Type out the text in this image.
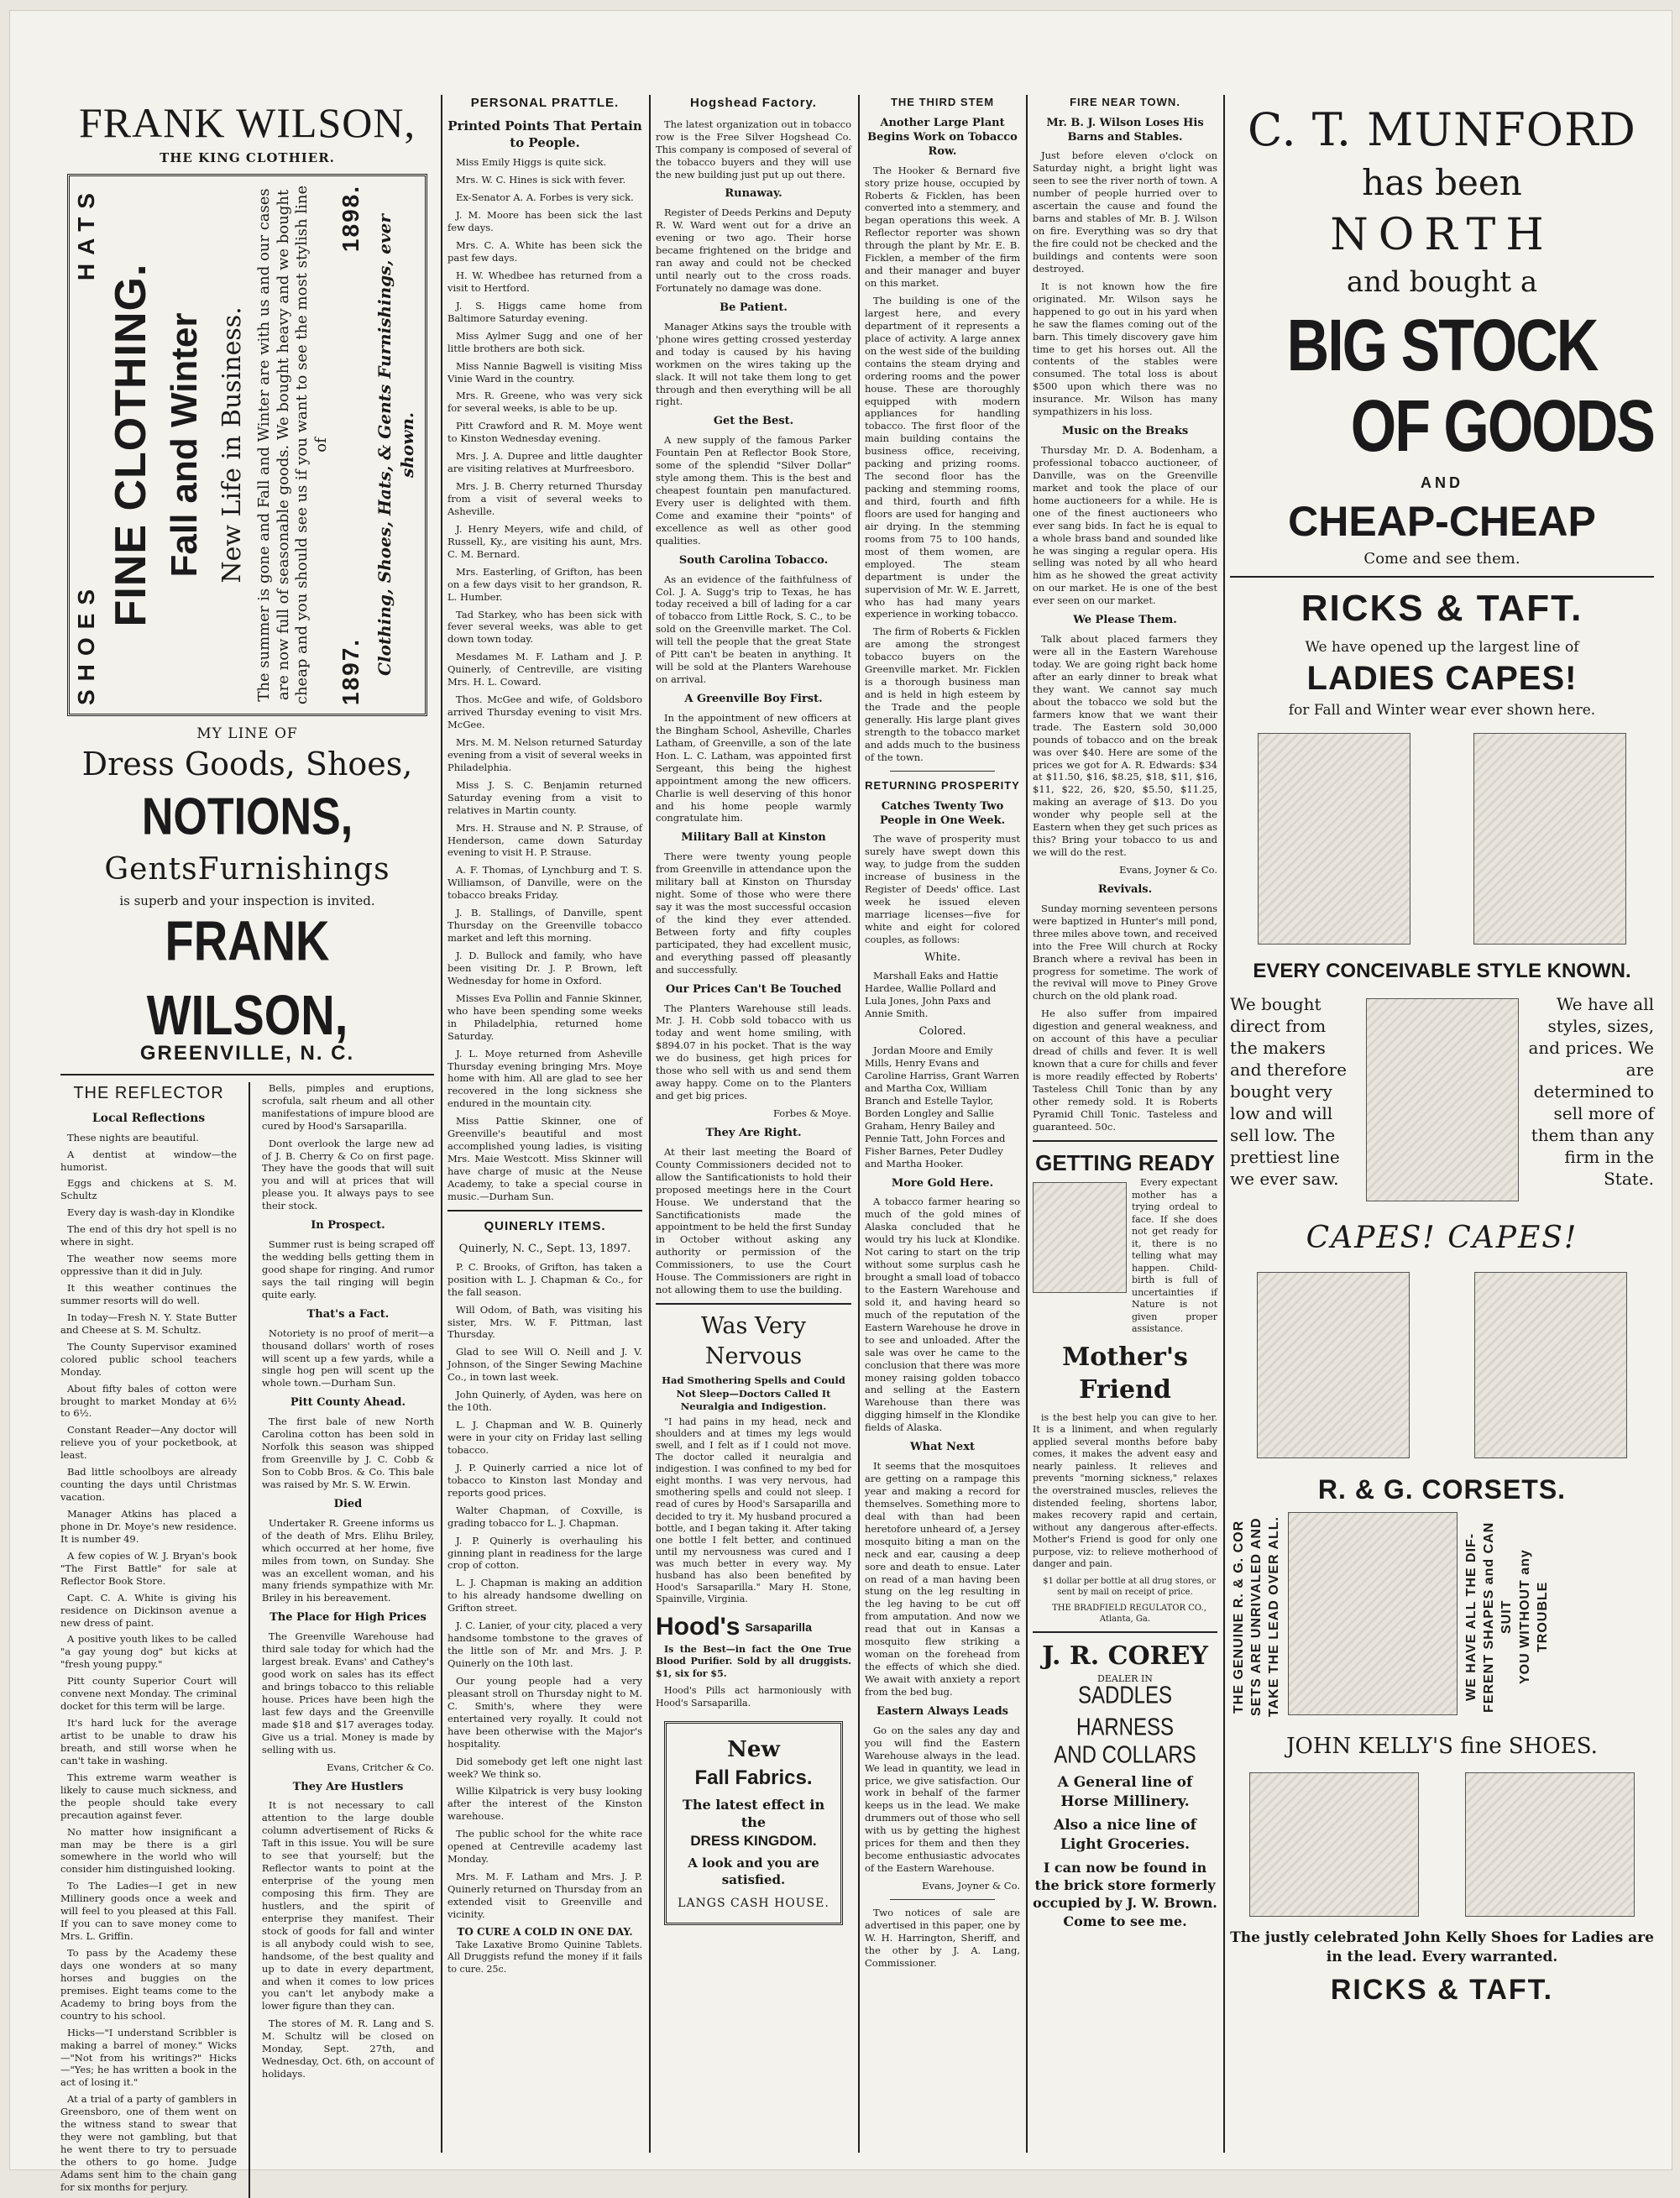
FRANK WILSON,
THE KING CLOTHIER.
SHOES
HATS
FINE CLOTHING. Fall and Winter New Life in Business. The summer is gone and Fall and Winter are with us and our cases are now full of seasonable goods. We bought heavy and we bought cheap and you should see us if you want to see the most stylish line of
1897.
1898. Clothing, Shoes, Hats, & Gents Furnishings, ever shown.
MY LINE OF
Dress Goods, Shoes,
NOTIONS,
GentsFurnishings
is superb and your inspection is invited.
FRANK WILSON,
GREENVILLE, N. C.
THE REFLECTOR
Local Reflections

These nights are beautiful.

A dentist at window—the humorist.

Eggs and chickens at S. M. Schultz

Every day is wash-day in Klondike

The end of this dry hot spell is no where in sight.

The weather now seems more oppressive than it did in July.

It this weather continues the summer resorts will do well.

In today—Fresh N. Y. State Butter and Cheese at S. M. Schultz.

The County Supervisor examined colored public school teachers Monday.

About fifty bales of cotton were brought to market Monday at 6½ to 6½.

Constant Reader—Any doctor will relieve you of your pocketbook, at least.

Bad little schoolboys are already counting the days until Christmas vacation.

Manager Atkins has placed a phone in Dr. Moye's new residence. It is number 49.

A few copies of W. J. Bryan's book "The First Battle" for sale at Reflector Book Store.

Capt. C. A. White is giving his residence on Dickinson avenue a new dress of paint.

A positive youth likes to be called "a gay young dog" but kicks at "fresh young puppy."

Pitt county Superior Court will convene next Monday. The criminal docket for this term will be large.

It's hard luck for the average artist to be unable to draw his breath, and still worse when he can't take in washing.

This extreme warm weather is likely to cause much sickness, and the people should take every precaution against fever.

No matter how insignificant a man may be there is a girl somewhere in the world who will consider him distinguished looking.

To The Ladies—I get in new Millinery goods once a week and will feel to you pleased at this Fall. If you can to save money come to Mrs. L. Griffin.

To pass by the Academy these days one wonders at so many horses and buggies on the premises. Eight teams come to the Academy to bring boys from the country to his school.

Hicks—"I understand Scribbler is making a barrel of money." Wicks—"Not from his writings?" Hicks—"Yes; he has written a book in the act of losing it."

At a trial of a party of gamblers in Greensboro, one of them went on the witness stand to swear that they were not gambling, but that he went there to try to persuade the others to go home. Judge Adams sent him to the chain gang for six months for perjury.

Bells, pimples and eruptions, scrofula, salt rheum and all other manifestations of impure blood are cured by Hood's Sarsaparilla.

Dont overlook the large new ad of J. B. Cherry & Co on first page. They have the goods that will suit you and will at prices that will please you. It always pays to see their stock.

In Prospect.

Summer rust is being scraped off the wedding bells getting them in good shape for ringing. And rumor says the tail ringing will begin quite early.

That's a Fact.

Notoriety is no proof of merit—a thousand dollars' worth of roses will scent up a few yards, while a single hog pen will scent up the whole town.—Durham Sun.

Pitt County Ahead.

The first bale of new North Carolina cotton has been sold in Norfolk this season was shipped from Greenville by J. C. Cobb & Son to Cobb Bros. & Co. This bale was raised by Mr. S. W. Erwin.

Died

Undertaker R. Greene informs us of the death of Mrs. Elihu Briley, which occurred at her home, five miles from town, on Sunday. She was an excellent woman, and his many friends sympathize with Mr. Briley in his bereavement.

The Place for High Prices

The Greenville Warehouse had third sale today for which had the largest break. Evans' and Cathey's good work on sales has its effect and brings tobacco to this reliable house. Prices have been high the last few days and the Greenville made $18 and $17 averages today. Give us a trial. Money is made by selling with us.

Evans, Critcher & Co.

They Are Hustlers

It is not necessary to call attention to the large double column advertisement of Ricks & Taft in this issue. You will be sure to see that yourself; but the Reflector wants to point at the enterprise of the young men composing this firm. They are hustlers, and the spirit of enterprise they manifest. Their stock of goods for fall and winter is all anybody could wish to see, handsome, of the best quality and up to date in every department, and when it comes to low prices you can't let anybody make a lower figure than they can.

The stores of M. R. Lang and S. M. Schultz will be closed on Monday, Sept. 27th, and Wednesday, Oct. 6th, on account of holidays.

PERSONAL PRATTLE.
Printed Points That Pertain to People.

Miss Emily Higgs is quite sick.

Mrs. W. C. Hines is sick with fever.

Ex-Senator A. A. Forbes is very sick.

J. M. Moore has been sick the last few days.

Mrs. C. A. White has been sick the past few days.

H. W. Whedbee has returned from a visit to Hertford.

J. S. Higgs came home from Baltimore Saturday evening.

Miss Aylmer Sugg and one of her little brothers are both sick.

Miss Nannie Bagwell is visiting Miss Vinie Ward in the country.

Mrs. R. Greene, who was very sick for several weeks, is able to be up.

Pitt Crawford and R. M. Moye went to Kinston Wednesday evening.

Mrs. J. A. Dupree and little daughter are visiting relatives at Murfreesboro.

Mrs. J. B. Cherry returned Thursday from a visit of several weeks to Asheville.

J. Henry Meyers, wife and child, of Russell, Ky., are visiting his aunt, Mrs. C. M. Bernard.

Mrs. Easterling, of Grifton, has been on a few days visit to her grandson, R. L. Humber.

Tad Starkey, who has been sick with fever several weeks, was able to get down town today.

Mesdames M. F. Latham and J. P. Quinerly, of Centreville, are visiting Mrs. H. L. Coward.

Thos. McGee and wife, of Goldsboro arrived Thursday evening to visit Mrs. McGee.

Mrs. M. M. Nelson returned Saturday evening from a visit of several weeks in Philadelphia.

Miss J. S. C. Benjamin returned Saturday evening from a visit to relatives in Martin county.

Mrs. H. Strause and N. P. Strause, of Henderson, came down Saturday evening to visit H. P. Strause.

A. F. Thomas, of Lynchburg and T. S. Williamson, of Danville, were on the tobacco breaks Friday.

J. B. Stallings, of Danville, spent Thursday on the Greenville tobacco market and left this morning.

J. D. Bullock and family, who have been visiting Dr. J. P. Brown, left Wednesday for home in Oxford.

Misses Eva Pollin and Fannie Skinner, who have been spending some weeks in Philadelphia, returned home Saturday.

J. L. Moye returned from Asheville Thursday evening bringing Mrs. Moye home with him. All are glad to see her recovered in the long sickness she endured in the mountain city.

Miss Pattie Skinner, one of Greenville's beautiful and most accomplished young ladies, is visiting Mrs. Maie Westcott. Miss Skinner will have charge of music at the Neuse Academy, to take a special course in music.—Durham Sun.

QUINERLY ITEMS.
Quinerly, N. C., Sept. 13, 1897.

P. C. Brooks, of Grifton, has taken a position with L. J. Chapman & Co., for the fall season.

Will Odom, of Bath, was visiting his sister, Mrs. W. F. Pittman, last Thursday.

Glad to see Will O. Neill and J. V. Johnson, of the Singer Sewing Machine Co., in town last week.

John Quinerly, of Ayden, was here on the 10th.

L. J. Chapman and W. B. Quinerly were in your city on Friday last selling tobacco.

J. P. Quinerly carried a nice lot of tobacco to Kinston last Monday and reports good prices.

Walter Chapman, of Coxville, is grading tobacco for L. J. Chapman.

J. P. Quinerly is overhauling his ginning plant in readiness for the large crop of cotton.

L. J. Chapman is making an addition to his already handsome dwelling on Grifton street.

J. C. Lanier, of your city, placed a very handsome tombstone to the graves of the little son of Mr. and Mrs. J. P. Quinerly on the 10th last.

Our young people had a very pleasant stroll on Thursday night to M. C. Smith's, where they were entertained very royally. It could not have been otherwise with the Major's hospitality.

Did somebody get left one night last week? We think so.

Willie Kilpatrick is very busy looking after the interest of the Kinston warehouse.

The public school for the white race opened at Centreville academy last Monday.

Mrs. M. F. Latham and Mrs. J. P. Quinerly returned on Thursday from an extended visit to Greenville and vicinity.

TO CURE A COLD IN ONE DAY.

Take Laxative Bromo Quinine Tablets. All Druggists refund the money if it fails to cure. 25c.

Hogshead Factory.

The latest organization out in tobacco row is the Free Silver Hogshead Co. This company is composed of several of the tobacco buyers and they will use the new building just put up out there.

Runaway.

Register of Deeds Perkins and Deputy R. W. Ward went out for a drive an evening or two ago. Their horse became frightened on the bridge and ran away and could not be checked until nearly out to the cross roads. Fortunately no damage was done.

Be Patient.

Manager Atkins says the trouble with 'phone wires getting crossed yesterday and today is caused by his having workmen on the wires taking up the slack. It will not take them long to get through and then everything will be all right.

Get the Best.

A new supply of the famous Parker Fountain Pen at Reflector Book Store, some of the splendid "Silver Dollar" style among them. This is the best and cheapest fountain pen manufactured. Every user is delighted with them. Come and examine their "points" of excellence as well as other good qualities.

South Carolina Tobacco.

As an evidence of the faithfulness of Col. J. A. Sugg's trip to Texas, he has today received a bill of lading for a car of tobacco from Little Rock, S. C., to be sold on the Greenville market. The Col. will tell the people that the great State of Pitt can't be beaten in anything. It will be sold at the Planters Warehouse on arrival.

A Greenville Boy First.

In the appointment of new officers at the Bingham School, Asheville, Charles Latham, of Greenville, a son of the late Hon. L. C. Latham, was appointed first Sergeant, this being the highest appointment among the new officers. Charlie is well deserving of this honor and his home people warmly congratulate him.

Military Ball at Kinston

There were twenty young people from Greenville in attendance upon the military ball at Kinston on Thursday night. Some of those who were there say it was the most successful occasion of the kind they ever attended. Between forty and fifty couples participated, they had excellent music, and everything passed off pleasantly and successfully.

Our Prices Can't Be Touched

The Planters Warehouse still leads. Mr. J. H. Cobb sold tobacco with us today and went home smiling, with $894.07 in his pocket. That is the way we do business, get high prices for those who sell with us and send them away happy. Come on to the Planters and get big prices.

Forbes & Moye.

They Are Right.

At their last meeting the Board of County Commissioners decided not to allow the Santificationists to hold their proposed meetings here in the Court House. We understand that the Sanctificationists made the appointment to be held the first Sunday in October without asking any authority or permission of the Commissioners, to use the Court House. The Commissioners are right in not allowing them to use the building.

Was Very Nervous
Had Smothering Spells and Could Not Sleep—Doctors Called It Neuralgia and Indigestion.

"I had pains in my head, neck and shoulders and at times my legs would swell, and I felt as if I could not move. The doctor called it neuralgia and indigestion. I was confined to my bed for eight months. I was very nervous, had smothering spells and could not sleep. I read of cures by Hood's Sarsaparilla and decided to try it. My husband procured a bottle, and I began taking it. After taking one bottle I felt better, and continued until my nervousness was cured and I was much better in every way. My husband has also been benefited by Hood's Sarsaparilla." Mary H. Stone, Spainville, Virginia.

Hood's Sarsaparilla

Is the Best—in fact the One True Blood Purifier. Sold by all druggists. $1, six for $5.

Hood's Pills act harmoniously with Hood's Sarsaparilla.

New
Fall Fabrics.
The latest effect in the
DRESS KINGDOM.
A look and you are satisfied.
LANGS CASH HOUSE.
THE THIRD STEM
Another Large Plant Begins Work on Tobacco Row.

The Hooker & Bernard five story prize house, occupied by Roberts & Ficklen, has been converted into a stemmery, and began operations this week. A Reflector reporter was shown through the plant by Mr. E. B. Ficklen, a member of the firm and their manager and buyer on this market.

The building is one of the largest here, and every department of it represents a place of activity. A large annex on the west side of the building contains the steam drying and ordering rooms and the power house. These are thoroughly equipped with modern appliances for handling tobacco. The first floor of the main building contains the business office, receiving, packing and prizing rooms. The second floor has the packing and stemming rooms, and third, fourth and fifth floors are used for hanging and air drying. In the stemming rooms from 75 to 100 hands, most of them women, are employed. The steam department is under the supervision of Mr. W. E. Jarrett, who has had many years experience in working tobacco.

The firm of Roberts & Ficklen are among the strongest tobacco buyers on the Greenville market. Mr. Ficklen is a thorough business man and is held in high esteem by the Trade and the people generally. His large plant gives strength to the tobacco market and adds much to the business of the town.

RETURNING PROSPERITY
Catches Twenty Two People in One Week.

The wave of prosperity must surely have swept down this way, to judge from the sudden increase of business in the Register of Deeds' office. Last week he issued eleven marriage licenses—five for white and eight for colored couples, as follows:

White.

Marshall Eaks and Hattie Hardee, Wallie Pollard and Lula Jones, John Paxs and Annie Smith.

Colored.

Jordan Moore and Emily Mills, Henry Evans and Caroline Harriss, Grant Warren and Martha Cox, William Branch and Estelle Taylor, Borden Longley and Sallie Graham, Henry Bailey and Pennie Tatt, John Forces and Fisher Barnes, Peter Dudley and Martha Hooker.

More Gold Here.

A tobacco farmer hearing so much of the gold mines of Alaska concluded that he would try his luck at Klondike. Not caring to start on the trip without some surplus cash he brought a small load of tobacco to the Eastern Warehouse and sold it, and having heard so much of the reputation of the Eastern Warehouse he drove in to see and unloaded. After the sale was over he came to the conclusion that there was more money raising golden tobacco and selling at the Eastern Warehouse than there was digging himself in the Klondike fields of Alaska.

What Next

It seems that the mosquitoes are getting on a rampage this year and making a record for themselves. Something more to deal with than had been heretofore unheard of, a Jersey mosquito biting a man on the neck and ear, causing a deep sore and death to ensue. Later on read of a man having been stung on the leg resulting in the leg having to be cut off from amputation. And now we read that out in Kansas a mosquito flew striking a woman on the forehead from the effects of which she died. We await with anxiety a report from the bed bug.

Eastern Always Leads

Go on the sales any day and you will find the Eastern Warehouse always in the lead. We lead in quantity, we lead in price, we give satisfaction. Our work in behalf of the farmer keeps us in the lead. We make drummers out of those who sell with us by getting the highest prices for them and then they become enthusiastic advocates of the Eastern Warehouse.

Evans, Joyner & Co.

Two notices of sale are advertised in this paper, one by W. H. Harrington, Sheriff, and the other by J. A. Lang, Commissioner.

FIRE NEAR TOWN.
Mr. B. J. Wilson Loses His Barns and Stables.

Just before eleven o'clock on Saturday night, a bright light was seen to see the river north of town. A number of people hurried over to ascertain the cause and found the barns and stables of Mr. B. J. Wilson on fire. Everything was so dry that the fire could not be checked and the buildings and contents were soon destroyed.

It is not known how the fire originated. Mr. Wilson says he happened to go out in his yard when he saw the flames coming out of the barn. This timely discovery gave him time to get his horses out. All the contents of the stables were consumed. The total loss is about $500 upon which there was no insurance. Mr. Wilson has many sympathizers in his loss.

Music on the Breaks

Thursday Mr. D. A. Bodenham, a professional tobacco auctioneer, of Danville, was on the Greenville market and took the place of our home auctioneers for a while. He is one of the finest auctioneers who ever sang bids. In fact he is equal to a whole brass band and sounded like he was singing a regular opera. His selling was noted by all who heard him as he showed the great activity on our market. He is one of the best ever seen on our market.

We Please Them.

Talk about placed farmers they were all in the Eastern Warehouse today. We are going right back home after an early dinner to break what they want. We cannot say much about the tobacco we sold but the farmers know that we want their trade. The Eastern sold 30,000 pounds of tobacco and on the break was over $40. Here are some of the prices we got for A. R. Edwards: $34 at $11.50, $16, $8.25, $18, $11, $16, $11, $22, 26, $20, $5.50, $11.25, making an average of $13. Do you wonder why people sell at the Eastern when they get such prices as this? Bring your tobacco to us and we will do the rest.

Evans, Joyner & Co.

Revivals.

Sunday morning seventeen persons were baptized in Hunter's mill pond, three miles above town, and received into the Free Will church at Rocky Branch where a revival has been in progress for sometime. The work of the revival will move to Piney Grove church on the old plank road.

He also suffer from impaired digestion and general weakness, and on account of this have a peculiar dread of chills and fever. It is well known that a cure for chills and fever is more readily effected by Roberts' Tasteless Chill Tonic than by any other remedy sold. It is Roberts Pyramid Chill Tonic. Tasteless and guaranteed. 50c.

GETTING READY

Every expectant mother has a trying ordeal to face. If she does not get ready for it, there is no telling what may happen. Child-birth is full of uncertainties if Nature is not given proper assistance.

Mother's Friend

is the best help you can give to her. It is a liniment, and when regularly applied several months before baby comes, it makes the advent easy and nearly painless. It relieves and prevents "morning sickness," relaxes the overstrained muscles, relieves the distended feeling, shortens labor, makes recovery rapid and certain, without any dangerous after-effects. Mother's Friend is good for only one purpose, viz: to relieve motherhood of danger and pain.

$1 dollar per bottle at all drug stores, or sent by mail on receipt of price.

THE BRADFIELD REGULATOR CO., Atlanta, Ga.

J. R. COREY
DEALER IN
SADDLES HARNESS
AND COLLARS
A General line of Horse Millinery.
Also a nice line of Light Groceries.
I can now be found in the brick store formerly occupied by J. W. Brown. Come to see me.
C. T. MUNFORD
has been
NORTH
and bought a
BIG STOCK
OF GOODS
AND
CHEAP-CHEAP
Come and see them.
RICKS & TAFT.
We have opened up the largest line of
LADIES CAPES!
for Fall and Winter wear ever shown here.
EVERY CONCEIVABLE STYLE KNOWN.
We bought direct from the makers and therefore bought very low and will sell low. The prettiest line we ever saw.
We have all styles, sizes, and prices. We are determined to sell more of them than any firm in the State.
CAPES! CAPES!
R. & G. CORSETS.
THE GENUINE R. & G. COR SETS ARE UNRIVALED AND TAKE THE LEAD OVER ALL.	WE HAVE ALL THE DIF- FERENT SHAPES and CAN SUIT YOU WITHOUT any TROUBLE
JOHN KELLY'S fine SHOES.
The justly celebrated John Kelly Shoes for Ladies are in the lead. Every warranted.
RICKS & TAFT.
